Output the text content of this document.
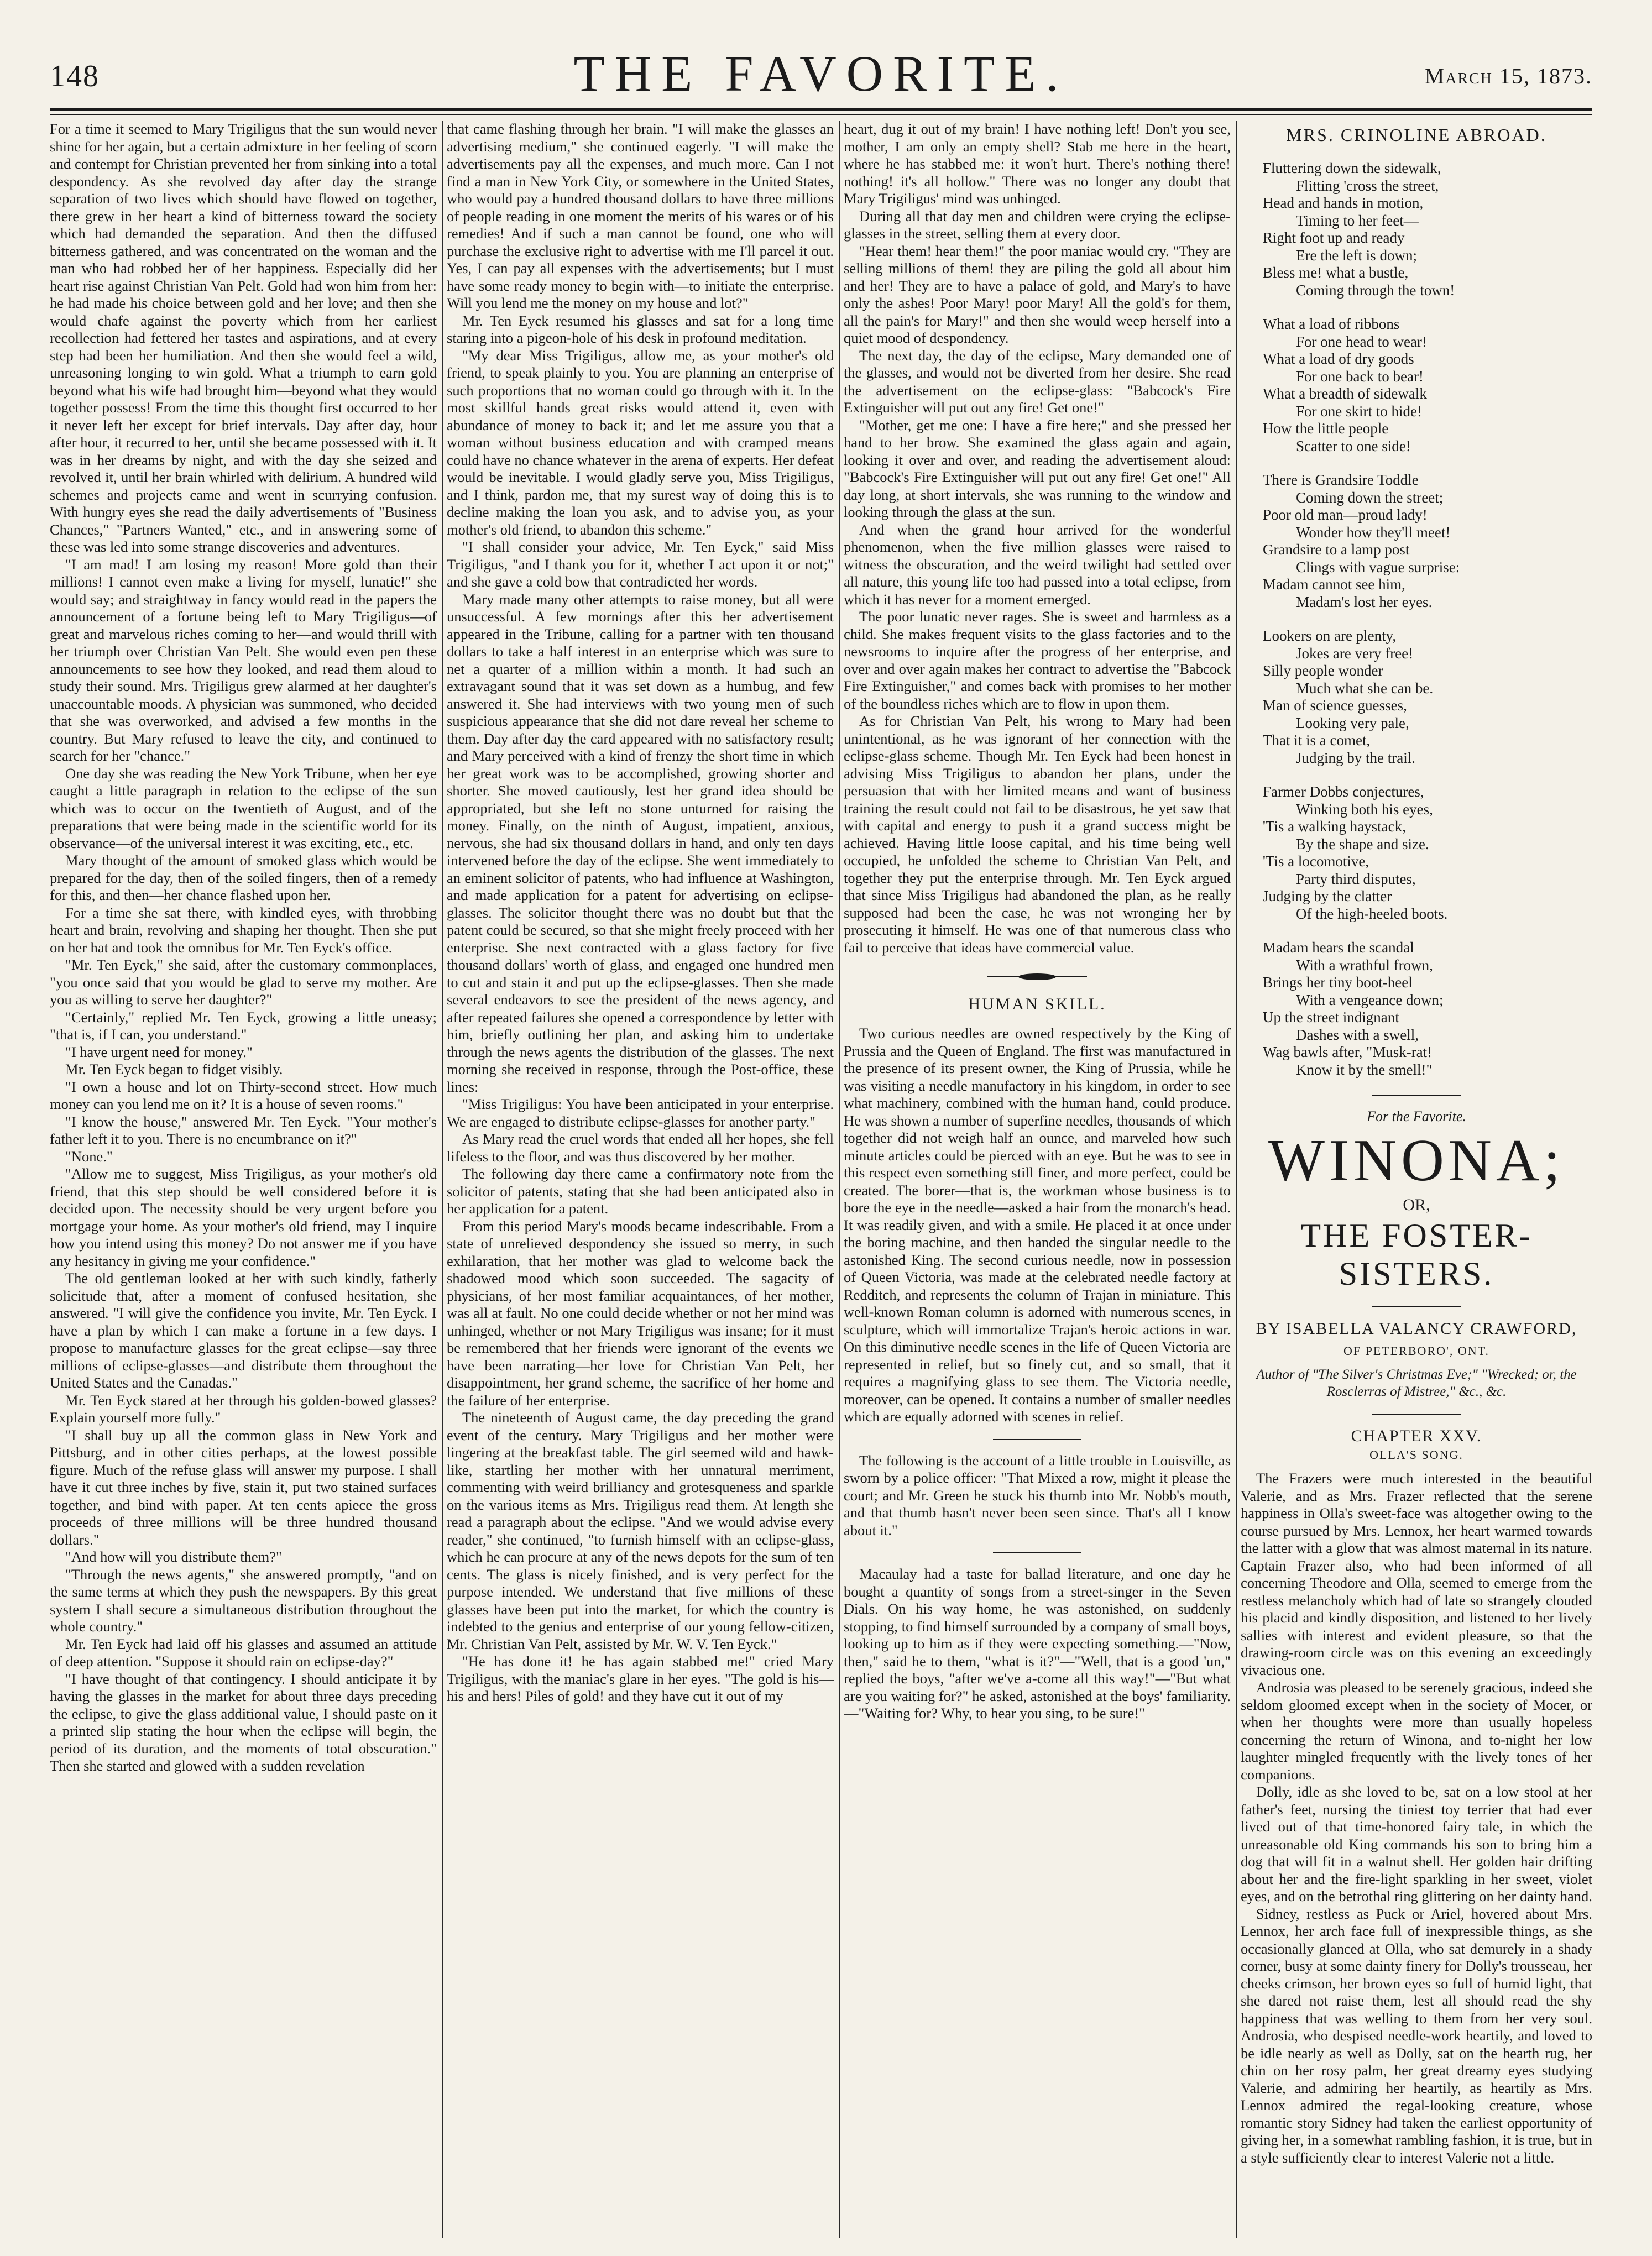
148	THE FAVORITE.	March 15, 1873.

For a time it seemed to Mary Trigiligus that the sun would never shine for her again, but a certain admixture in her feeling of scorn and contempt for Christian prevented her from sinking into a total despondency. As she revolved day after day the strange separation of two lives which should have flowed on together, there grew in her heart a kind of bitterness toward the society which had demanded the separation. And then the diffused bitterness gathered, and was concentrated on the woman and the man who had robbed her of her happiness. Especially did her heart rise against Christian Van Pelt. Gold had won him from her: he had made his choice between gold and her love; and then she would chafe against the poverty which from her earliest recollection had fettered her tastes and aspirations, and at every step had been her humiliation. And then she would feel a wild, unreasoning longing to win gold. What a triumph to earn gold beyond what his wife had brought him—beyond what they would together possess! From the time this thought first occurred to her it never left her except for brief intervals. Day after day, hour after hour, it recurred to her, until she became possessed with it. It was in her dreams by night, and with the day she seized and revolved it, until her brain whirled with delirium. A hundred wild schemes and projects came and went in scurrying confusion. With hungry eyes she read the daily advertisements of "Business Chances," "Partners Wanted," etc., and in answering some of these was led into some strange discoveries and adventures.

"I am mad! I am losing my reason! More gold than their millions! I cannot even make a living for myself, lunatic!" she would say; and straightway in fancy would read in the papers the announcement of a fortune being left to Mary Trigiligus—of great and marvelous riches coming to her—and would thrill with her triumph over Christian Van Pelt. She would even pen these announcements to see how they looked, and read them aloud to study their sound. Mrs. Trigiligus grew alarmed at her daughter's unaccountable moods. A physician was summoned, who decided that she was overworked, and advised a few months in the country. But Mary refused to leave the city, and continued to search for her "chance."

One day she was reading the New York Tribune, when her eye caught a little paragraph in relation to the eclipse of the sun which was to occur on the twentieth of August, and of the preparations that were being made in the scientific world for its observance—of the universal interest it was exciting, etc., etc.

Mary thought of the amount of smoked glass which would be prepared for the day, then of the soiled fingers, then of a remedy for this, and then—her chance flashed upon her.

For a time she sat there, with kindled eyes, with throbbing heart and brain, revolving and shaping her thought. Then she put on her hat and took the omnibus for Mr. Ten Eyck's office.

"Mr. Ten Eyck," she said, after the customary commonplaces, "you once said that you would be glad to serve my mother. Are you as willing to serve her daughter?"

"Certainly," replied Mr. Ten Eyck, growing a little uneasy; "that is, if I can, you understand."

"I have urgent need for money."

Mr. Ten Eyck began to fidget visibly.

"I own a house and lot on Thirty-second street. How much money can you lend me on it? It is a house of seven rooms."

"I know the house," answered Mr. Ten Eyck. "Your mother's father left it to you. There is no encumbrance on it?"

"None."

"Allow me to suggest, Miss Trigiligus, as your mother's old friend, that this step should be well considered before it is decided upon. The necessity should be very urgent before you mortgage your home. As your mother's old friend, may I inquire how you intend using this money? Do not answer me if you have any hesitancy in giving me your confidence."

The old gentleman looked at her with such kindly, fatherly solicitude that, after a moment of confused hesitation, she answered. "I will give the confidence you invite, Mr. Ten Eyck. I have a plan by which I can make a fortune in a few days. I propose to manufacture glasses for the great eclipse—say three millions of eclipse-glasses—and distribute them throughout the United States and the Canadas."

Mr. Ten Eyck stared at her through his golden-bowed glasses? Explain yourself more fully."

"I shall buy up all the common glass in New York and Pittsburg, and in other cities perhaps, at the lowest possible figure. Much of the refuse glass will answer my purpose. I shall have it cut three inches by five, stain it, put two stained surfaces together, and bind with paper. At ten cents apiece the gross proceeds of three millions will be three hundred thousand dollars."

"And how will you distribute them?"

"Through the news agents," she answered promptly, "and on the same terms at which they push the newspapers. By this great system I shall secure a simultaneous distribution throughout the whole country."

Mr. Ten Eyck had laid off his glasses and assumed an attitude of deep attention. "Suppose it should rain on eclipse-day?"

"I have thought of that contingency. I should anticipate it by having the glasses in the market for about three days preceding the eclipse, to give the glass additional value, I should paste on it a printed slip stating the hour when the eclipse will begin, the period of its duration, and the moments of total obscuration." Then she started and glowed with a sudden revelation

that came flashing through her brain. "I will make the glasses an advertising medium," she continued eagerly. "I will make the advertisements pay all the expenses, and much more. Can I not find a man in New York City, or somewhere in the United States, who would pay a hundred thousand dollars to have three millions of people reading in one moment the merits of his wares or of his remedies! And if such a man cannot be found, one who will purchase the exclusive right to advertise with me I'll parcel it out. Yes, I can pay all expenses with the advertisements; but I must have some ready money to begin with—to initiate the enterprise. Will you lend me the money on my house and lot?"

Mr. Ten Eyck resumed his glasses and sat for a long time staring into a pigeon-hole of his desk in profound meditation.

"My dear Miss Trigiligus, allow me, as your mother's old friend, to speak plainly to you. You are planning an enterprise of such proportions that no woman could go through with it. In the most skillful hands great risks would attend it, even with abundance of money to back it; and let me assure you that a woman without business education and with cramped means could have no chance whatever in the arena of experts. Her defeat would be inevitable. I would gladly serve you, Miss Trigiligus, and I think, pardon me, that my surest way of doing this is to decline making the loan you ask, and to advise you, as your mother's old friend, to abandon this scheme."

"I shall consider your advice, Mr. Ten Eyck," said Miss Trigiligus, "and I thank you for it, whether I act upon it or not;" and she gave a cold bow that contradicted her words.

Mary made many other attempts to raise money, but all were unsuccessful. A few mornings after this her advertisement appeared in the Tribune, calling for a partner with ten thousand dollars to take a half interest in an enterprise which was sure to net a quarter of a million within a month. It had such an extravagant sound that it was set down as a humbug, and few answered it. She had interviews with two young men of such suspicious appearance that she did not dare reveal her scheme to them. Day after day the card appeared with no satisfactory result; and Mary perceived with a kind of frenzy the short time in which her great work was to be accomplished, growing shorter and shorter. She moved cautiously, lest her grand idea should be appropriated, but she left no stone unturned for raising the money. Finally, on the ninth of August, impatient, anxious, nervous, she had six thousand dollars in hand, and only ten days intervened before the day of the eclipse. She went immediately to an eminent solicitor of patents, who had influence at Washington, and made application for a patent for advertising on eclipse-glasses. The solicitor thought there was no doubt but that the patent could be secured, so that she might freely proceed with her enterprise. She next contracted with a glass factory for five thousand dollars' worth of glass, and engaged one hundred men to cut and stain it and put up the eclipse-glasses. Then she made several endeavors to see the president of the news agency, and after repeated failures she opened a correspondence by letter with him, briefly outlining her plan, and asking him to undertake through the news agents the distribution of the glasses. The next morning she received in response, through the Post-office, these lines:

"Miss Trigiligus: You have been anticipated in your enterprise. We are engaged to distribute eclipse-glasses for another party."

As Mary read the cruel words that ended all her hopes, she fell lifeless to the floor, and was thus discovered by her mother.

The following day there came a confirmatory note from the solicitor of patents, stating that she had been anticipated also in her application for a patent.

From this period Mary's moods became indescribable. From a state of unrelieved despondency she issued so merry, in such exhilaration, that her mother was glad to welcome back the shadowed mood which soon succeeded. The sagacity of physicians, of her most familiar acquaintances, of her mother, was all at fault. No one could decide whether or not her mind was unhinged, whether or not Mary Trigiligus was insane; for it must be remembered that her friends were ignorant of the events we have been narrating—her love for Christian Van Pelt, her disappointment, her grand scheme, the sacrifice of her home and the failure of her enterprise.

The nineteenth of August came, the day preceding the grand event of the century. Mary Trigiligus and her mother were lingering at the breakfast table. The girl seemed wild and hawk-like, startling her mother with her unnatural merriment, commenting with weird brilliancy and grotesqueness and sparkle on the various items as Mrs. Trigiligus read them. At length she read a paragraph about the eclipse. "And we would advise every reader," she continued, "to furnish himself with an eclipse-glass, which he can procure at any of the news depots for the sum of ten cents. The glass is nicely finished, and is very perfect for the purpose intended. We understand that five millions of these glasses have been put into the market, for which the country is indebted to the genius and enterprise of our young fellow-citizen, Mr. Christian Van Pelt, assisted by Mr. W. V. Ten Eyck."

"He has done it! he has again stabbed me!" cried Mary Trigiligus, with the maniac's glare in her eyes. "The gold is his—his and hers! Piles of gold! and they have cut it out of my

heart, dug it out of my brain! I have nothing left! Don't you see, mother, I am only an empty shell? Stab me here in the heart, where he has stabbed me: it won't hurt. There's nothing there! nothing! it's all hollow." There was no longer any doubt that Mary Trigiligus' mind was unhinged.

During all that day men and children were crying the eclipse-glasses in the street, selling them at every door.

"Hear them! hear them!" the poor maniac would cry. "They are selling millions of them! they are piling the gold all about him and her! They are to have a palace of gold, and Mary's to have only the ashes! Poor Mary! poor Mary! All the gold's for them, all the pain's for Mary!" and then she would weep herself into a quiet mood of despondency.

The next day, the day of the eclipse, Mary demanded one of the glasses, and would not be diverted from her desire. She read the advertisement on the eclipse-glass: "Babcock's Fire Extinguisher will put out any fire! Get one!"

"Mother, get me one: I have a fire here;" and she pressed her hand to her brow. She examined the glass again and again, looking it over and over, and reading the advertisement aloud: "Babcock's Fire Extinguisher will put out any fire! Get one!" All day long, at short intervals, she was running to the window and looking through the glass at the sun.

And when the grand hour arrived for the wonderful phenomenon, when the five million glasses were raised to witness the obscuration, and the weird twilight had settled over all nature, this young life too had passed into a total eclipse, from which it has never for a moment emerged.

The poor lunatic never rages. She is sweet and harmless as a child. She makes frequent visits to the glass factories and to the newsrooms to inquire after the progress of her enterprise, and over and over again makes her contract to advertise the "Babcock Fire Extinguisher," and comes back with promises to her mother of the boundless riches which are to flow in upon them.

As for Christian Van Pelt, his wrong to Mary had been unintentional, as he was ignorant of her connection with the eclipse-glass scheme. Though Mr. Ten Eyck had been honest in advising Miss Trigiligus to abandon her plans, under the persuasion that with her limited means and want of business training the result could not fail to be disastrous, he yet saw that with capital and energy to push it a grand success might be achieved. Having little loose capital, and his time being well occupied, he unfolded the scheme to Christian Van Pelt, and together they put the enterprise through. Mr. Ten Eyck argued that since Miss Trigiligus had abandoned the plan, as he really supposed had been the case, he was not wronging her by prosecuting it himself. He was one of that numerous class who fail to perceive that ideas have commercial value.

HUMAN SKILL.

Two curious needles are owned respectively by the King of Prussia and the Queen of England. The first was manufactured in the presence of its present owner, the King of Prussia, while he was visiting a needle manufactory in his kingdom, in order to see what machinery, combined with the human hand, could produce. He was shown a number of superfine needles, thousands of which together did not weigh half an ounce, and marveled how such minute articles could be pierced with an eye. But he was to see in this respect even something still finer, and more perfect, could be created. The borer—that is, the workman whose business is to bore the eye in the needle—asked a hair from the monarch's head. It was readily given, and with a smile. He placed it at once under the boring machine, and then handed the singular needle to the astonished King. The second curious needle, now in possession of Queen Victoria, was made at the celebrated needle factory at Redditch, and represents the column of Trajan in miniature. This well-known Roman column is adorned with numerous scenes, in sculpture, which will immortalize Trajan's heroic actions in war. On this diminutive needle scenes in the life of Queen Victoria are represented in relief, but so finely cut, and so small, that it requires a magnifying glass to see them. The Victoria needle, moreover, can be opened. It contains a number of smaller needles which are equally adorned with scenes in relief.

The following is the account of a little trouble in Louisville, as sworn by a police officer: "That Mixed a row, might it please the court; and Mr. Green he stuck his thumb into Mr. Nobb's mouth, and that thumb hasn't never been seen since. That's all I know about it."

Macaulay had a taste for ballad literature, and one day he bought a quantity of songs from a street-singer in the Seven Dials. On his way home, he was astonished, on suddenly stopping, to find himself surrounded by a company of small boys, looking up to him as if they were expecting something.—"Now, then," said he to them, "what is it?"—"Well, that is a good 'un," replied the boys, "after we've a-come all this way!"—"But what are you waiting for?" he asked, astonished at the boys' familiarity.—"Waiting for? Why, to hear you sing, to be sure!"

MRS. CRINOLINE ABROAD.
Fluttering down the sidewalk,
Flitting 'cross the street,
Head and hands in motion,
Timing to her feet—
Right foot up and ready
Ere the left is down;
Bless me! what a bustle,
Coming through the town!
What a load of ribbons
For one head to wear!
What a load of dry goods
For one back to bear!
What a breadth of sidewalk
For one skirt to hide!
How the little people
Scatter to one side!
There is Grandsire Toddle
Coming down the street;
Poor old man—proud lady!
Wonder how they'll meet!
Grandsire to a lamp post
Clings with vague surprise:
Madam cannot see him,
Madam's lost her eyes.
Lookers on are plenty,
Jokes are very free!
Silly people wonder
Much what she can be.
Man of science guesses,
Looking very pale,
That it is a comet,
Judging by the trail.
Farmer Dobbs conjectures,
Winking both his eyes,
'Tis a walking haystack,
By the shape and size.
'Tis a locomotive,
Party third disputes,
Judging by the clatter
Of the high-heeled boots.
Madam hears the scandal
With a wrathful frown,
Brings her tiny boot-heel
With a vengeance down;
Up the street indignant
Dashes with a swell,
Wag bawls after, "Musk-rat!
Know it by the smell!"
For the Favorite.
WINONA;
OR,
THE FOSTER-SISTERS.
BY ISABELLA VALANCY CRAWFORD,
OF PETERBORO', ONT.
Author of "The Silver's Christmas Eve;" "Wrecked; or, the Rosclerras of Mistree," &c., &c.
CHAPTER XXV.
OLLA'S SONG.

The Frazers were much interested in the beautiful Valerie, and as Mrs. Frazer reflected that the serene happiness in Olla's sweet-face was altogether owing to the course pursued by Mrs. Lennox, her heart warmed towards the latter with a glow that was almost maternal in its nature. Captain Frazer also, who had been informed of all concerning Theodore and Olla, seemed to emerge from the restless melancholy which had of late so strangely clouded his placid and kindly disposition, and listened to her lively sallies with interest and evident pleasure, so that the drawing-room circle was on this evening an exceedingly vivacious one.

Androsia was pleased to be serenely gracious, indeed she seldom gloomed except when in the society of Mocer, or when her thoughts were more than usually hopeless concerning the return of Winona, and to-night her low laughter mingled frequently with the lively tones of her companions.

Dolly, idle as she loved to be, sat on a low stool at her father's feet, nursing the tiniest toy terrier that had ever lived out of that time-honored fairy tale, in which the unreasonable old King commands his son to bring him a dog that will fit in a walnut shell. Her golden hair drifting about her and the fire-light sparkling in her sweet, violet eyes, and on the betrothal ring glittering on her dainty hand.

Sidney, restless as Puck or Ariel, hovered about Mrs. Lennox, her arch face full of inexpressible things, as she occasionally glanced at Olla, who sat demurely in a shady corner, busy at some dainty finery for Dolly's trousseau, her cheeks crimson, her brown eyes so full of humid light, that she dared not raise them, lest all should read the shy happiness that was welling to them from her very soul. Androsia, who despised needle-work heartily, and loved to be idle nearly as well as Dolly, sat on the hearth rug, her chin on her rosy palm, her great dreamy eyes studying Valerie, and admiring her heartily, as heartily as Mrs. Lennox admired the regal-looking creature, whose romantic story Sidney had taken the earliest opportunity of giving her, in a somewhat rambling fashion, it is true, but in a style sufficiently clear to interest Valerie not a little.
